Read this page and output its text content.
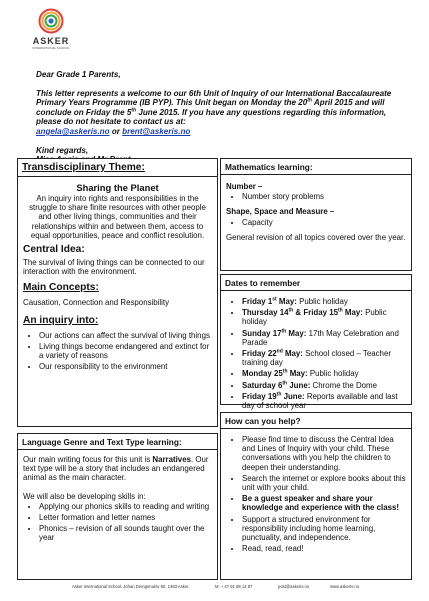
ASKER
INTERNATIONAL SCHOOL

Dear Grade 1 Parents,

This letter represents a welcome to our 6th Unit of Inquiry of our International Baccalaureate Primary Years Programme (IB PYP). This Unit began on Monday the 20th April 2015 and will conclude on Friday the 5th June 2015. If you have any questions regarding this information, please do not hesitate to contact us at:
angela@askeris.no or brent@askeris.no

Kind regards,

Transdisciplinary Theme:
Sharing the Planet
An inquiry into rights and responsibilities in the struggle to share finite resources with other people and other living things, communities and their relationships within and between them, access to equal opportunities, peace and conflict resolution.
Central Idea:
The survival of living things can be connected to our interaction with the environment.
Main Concepts:
Causation, Connection and Responsibility
An inquiry into:
• Our actions can affect the survival of living things
• Living things become endangered and extinct for a variety of reasons
• Our responsibility to the environment
Language Genre and Text Type learning:
Our main writing focus for this unit is Narratives. Our text type will be a story that includes an endangered animal as the main character.
We will also be developing skills in:
• Applying our phonics skills to reading and writing
• Letter formation and letter names
• Phonics – revision of all sounds taught over the year
Mathematics learning:
Number –
• Number story problems
Shape, Space and Measure –
• Capacity
General revision of all topics covered over the year.
Dates to remember
• Friday 1st May: Public holiday
• Thursday 14th & Friday 15th May: Public holiday
• Sunday 17th May: 17th May Celebration and Parade
• Friday 22nd May: School closed – Teacher training day
• Monday 25th May: Public holiday
• Saturday 6th June: Chrome the Dome
• Friday 19th June: Reports available and last day of school year
How can you help?
• Please find time to discuss the Central Idea and Lines of Inquiry with your child. These conversations with you help the children to deepen their understanding.
• Search the internet or explore books about this unit with your child.
• Be a guest speaker and share your knowledge and experience with the class!
• Support a structured environment for responsibility including home learning, punctuality, and independence.
• Read, read, read!
Asker International School. Johan Drengsrudsv 60, 1383 Asker.	M: + 47 91 69 14 87	post@askeris.no	www.askeris.no
